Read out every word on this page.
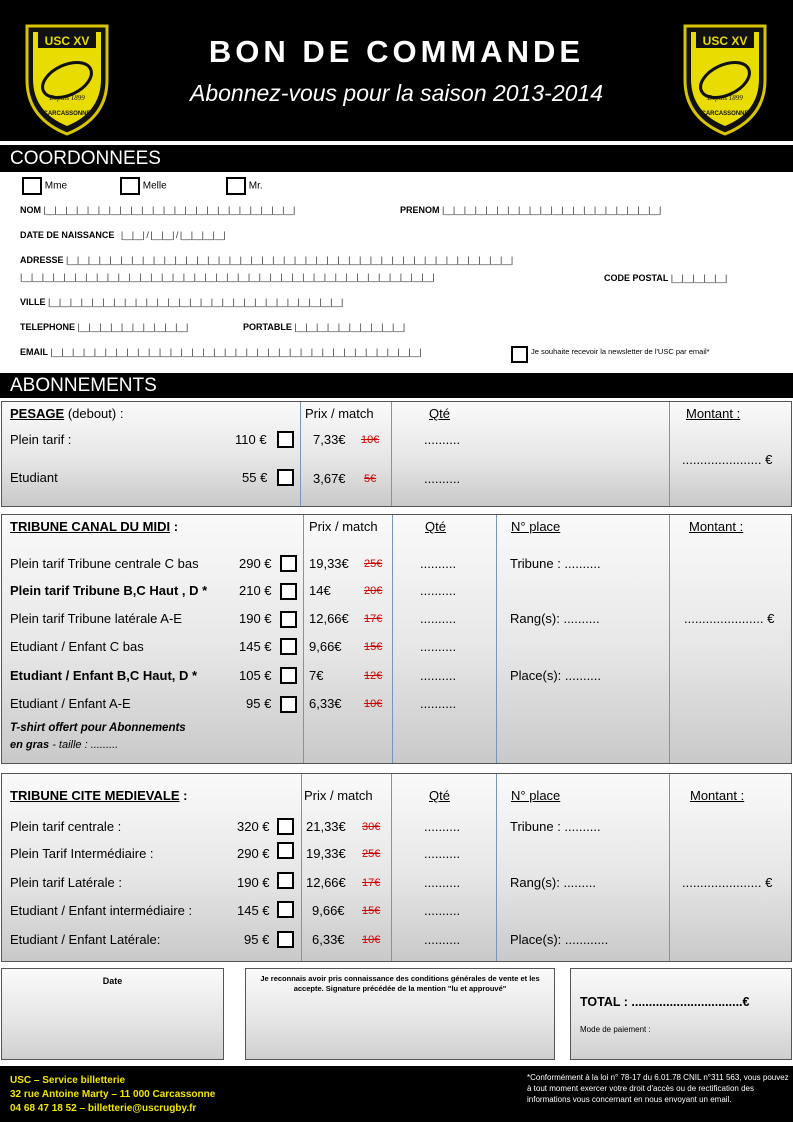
USC XV
Depuis 1899
CARCASSONNE
BON DE COMMANDE
Abonnez-vous pour la saison 2013-2014
USC XV
Depuis 1899
CARCASSONNE
COORDONNEES
Mme	Melle	Mr.
NOM |__|__|__|__|__|__|__|__|__|__|__|__|__|__|__|__|__|__|__|__|__|__|__|	PRENOM |__|__|__|__|__|__|__|__|__|__|__|__|__|__|__|__|__|__|__|__|
DATE DE NAISSANCE   |__|__| / |__|__| / |__|__|__|__|
ADRESSE |__|__|__|__|__|__|__|__|__|__|__|__|__|__|__|__|__|__|__|__|__|__|__|__|__|__|__|__|__|__|__|__|__|__|__|__|__|__|__|__|__|
|__|__|__|__|__|__|__|__|__|__|__|__|__|__|__|__|__|__|__|__|__|__|__|__|__|__|__|__|__|__|__|__|__|__|__|__|__|__|	CODE POSTAL |__|__|__|__|__|
VILLE |__|__|__|__|__|__|__|__|__|__|__|__|__|__|__|__|__|__|__|__|__|__|__|__|__|__|__|
TELEPHONE |__|__|__|__|__|__|__|__|__|__|	PORTABLE |__|__|__|__|__|__|__|__|__|__|
EMAIL |__|__|__|__|__|__|__|__|__|__|__|__|__|__|__|__|__|__|__|__|__|__|__|__|__|__|__|__|__|__|__|__|__|__|	Je souhaite recevoir la newsletter de l'USC par email*
ABONNEMENTS
PESAGE (debout) :	Prix / match	Qté	Montant :
Plein tarif :	110 €	7,33€ 10€	..........
Etudiant	55 €	3,67€ 5€	..........
...................... €
TRIBUNE CANAL DU MIDI :	Prix / match	Qté	N° place	Montant :
Plein tarif Tribune centrale C bas	290 €	19,33€ 25€	..........
Plein tarif Tribune B,C Haut , D * 210 €	14€	20€	..........
Plein tarif Tribune latérale A-E	190 €	12,66€ 17€	..........
Etudiant / Enfant C bas	145 €	9,66€ 15€	..........
Etudiant / Enfant B,C Haut, D *	105 €	7€	12€	..........
Etudiant / Enfant A-E	95 €	6,33€ 10€	..........
T-shirt offert pour Abonnements
en gras - taille : .........
Tribune : ..........
Rang(s): ..........
Place(s): ..........
...................... €
TRIBUNE CITE MEDIEVALE :	Prix / match	Qté	N° place	Montant :
Plein tarif centrale :	320 €	21,33€ 30€	..........
Plein Tarif Intermédiaire :	290 €	19,33€ 25€	..........
Plein tarif Latérale :	190 €	12,66€ 17€	..........
Etudiant / Enfant intermédiaire :	145 €	9,66€ 15€	..........
Etudiant / Enfant Latérale:	95 €	6,33€ 10€	..........
Tribune : ..........
Rang(s): .........
Place(s): ............
...................... €
Date	Je reconnais avoir pris connaissance des conditions générales de vente et les accepte. Signature précédée de la mention "lu et approuvé"
TOTAL : ................................€
Mode de paiement :
USC – Service billetterie
32 rue Antoine Marty – 11 000 Carcassonne
04 68 47 18 52 – billetterie@uscrugby.fr
*Conformément à la loi n° 78-17 du 6.01.78 CNIL n°311 563, vous pouvez à tout moment exercer votre droit d'accès ou de rectification des informations vous concernant en nous envoyant un email.
